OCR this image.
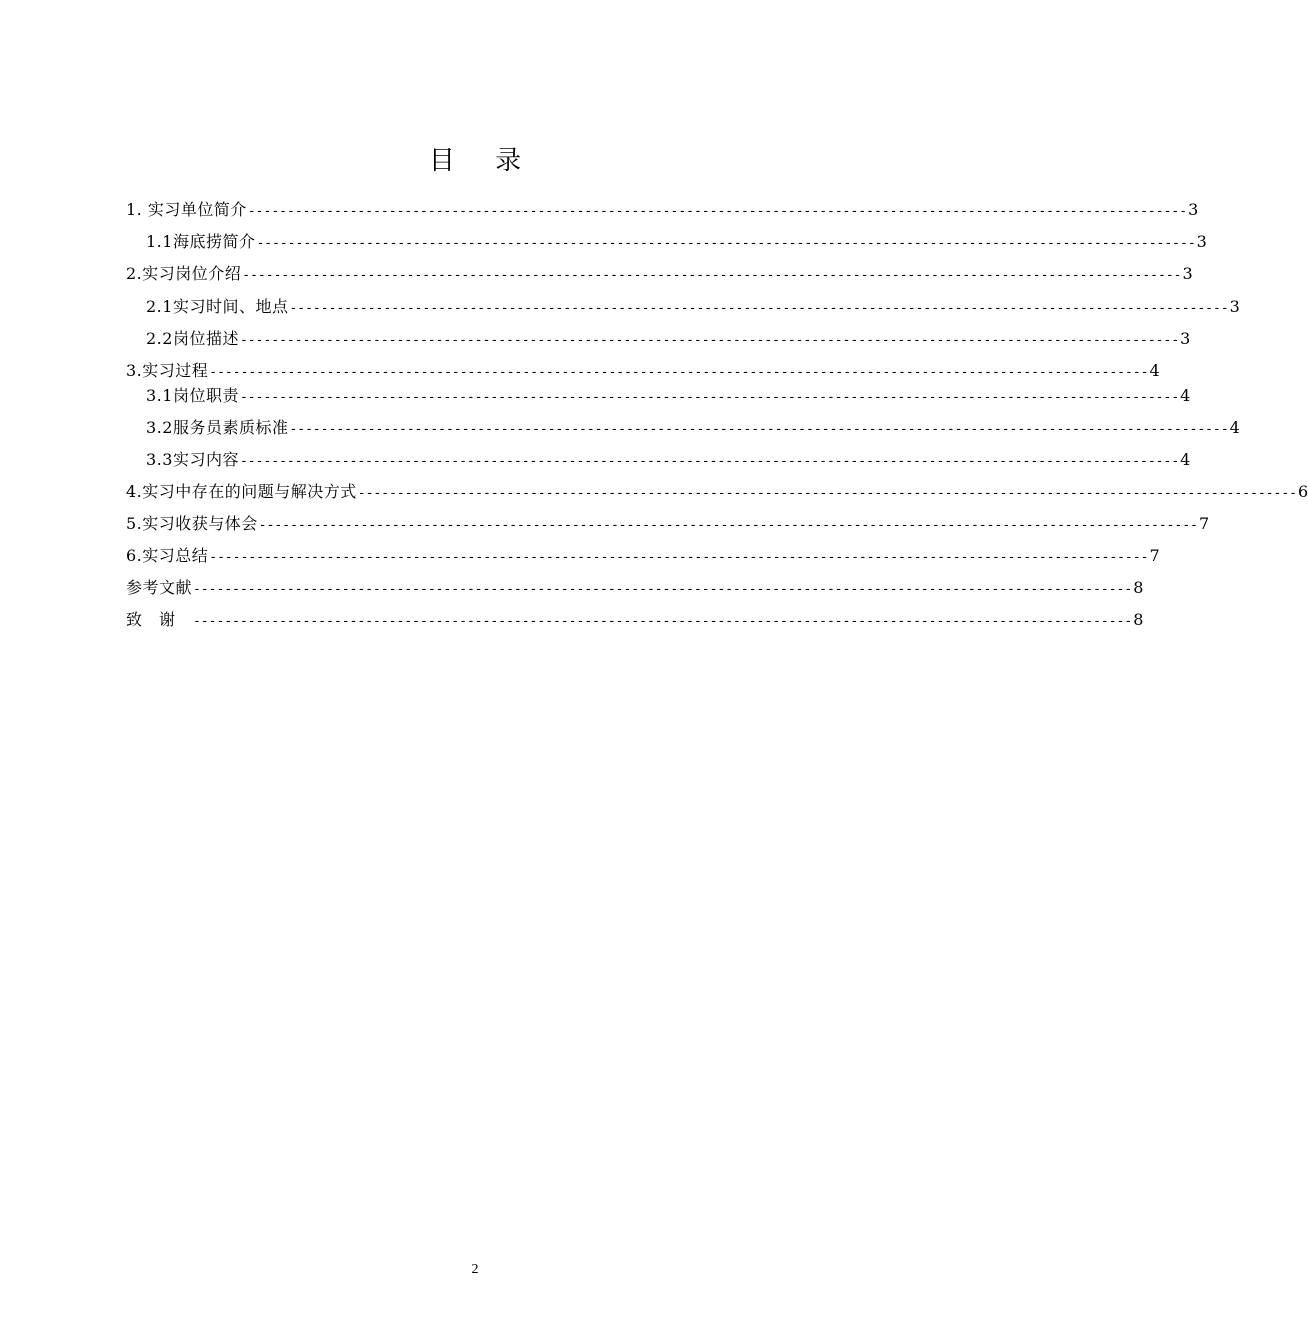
目 录
1. 实习单位简介 ------------------------------------------------------------------------------------------------------------------------ 3
1.1海底捞简介 ------------------------------------------------------------------------------------------------------------------------ 3
2.实习岗位介绍 ------------------------------------------------------------------------------------------------------------------------ 3
2.1实习时间、地点 ------------------------------------------------------------------------------------------------------------------------ 3
2.2岗位描述 ------------------------------------------------------------------------------------------------------------------------ 3
3.实习过程 ------------------------------------------------------------------------------------------------------------------------ 4
3.1岗位职责 ------------------------------------------------------------------------------------------------------------------------ 4
3.2服务员素质标准 ------------------------------------------------------------------------------------------------------------------------ 4
3.3实习内容 ------------------------------------------------------------------------------------------------------------------------ 4
4.实习中存在的问题与解决方式 ------------------------------------------------------------------------------------------------------------------------ 6
5.实习收获与体会 ------------------------------------------------------------------------------------------------------------------------ 7
6.实习总结 ------------------------------------------------------------------------------------------------------------------------ 7
参考文献 ------------------------------------------------------------------------------------------------------------------------ 8
致　谢　 ------------------------------------------------------------------------------------------------------------------------ 8
2
